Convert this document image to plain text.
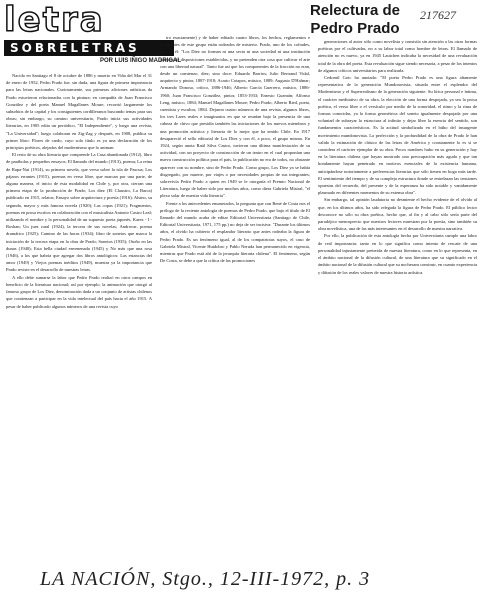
letra
SOBRELETRAS
POR LUIS IÑIGO MADRIGAL
Relectura de
Pedro Prado
217627

Nacido en Santiago el 8 de octubre de 1886 y muerto en Viña del Mar el 31 de enero de 1952, Pedro Prado fue, sin duda, una figura de primera importancia para las letras nacionales. Curiosamente, sus primeras aficiones artísticas da Prado estuvieron relacionadas con la pintura; en compañía de Juan Francisco González y del poeta Manuel Magallanes Moure, recorrió largamente los suburbios de la capital y los consiguientes cordilleranos buscando temas para sus obras; sin embargo, su camino universitario, Prado inicia sus actividades literarias, en 1905 edita un periódico, "El Independiente", y luego una revista, "La Universidad"; luego colaboran en Zig-Zag y después, en 1908, publica su primer libro: Flores de cardo, cuyo solo título es ya una declaración de los principios poéticos, alejados del modernismo que lo animan.

El resto de su obra literaria que comprende La Casa abandonada (1912), libro de parábolas y pequeños ensayos; El llamado del mundo (1913), poema; La reina de Rapa-Nui (1914), su primera novela, que versa sobre la isla de Pascua; Los pájaros errantes (1915), poemas en verso libre, que marcan por una parte, de alguna manera, el inicio de esta modalidad en Chile y, por otra, cierran una primera etapa de la producción de Prado; Los diez (El Claustro, La Barca) publicado en 1915, relatos; Ensayo sobre arquitectura y poesía (1916); Alsino, su segunda, mayor y más famosa novela (1920); Las copas (1921); Fragmentos, poemas en prosa escritos en colaboración con el musicalista Antonio Castro Leal; utilizando el nombre y la personalidad de un supuesto poeta japonés, Karez - I - Roshan; Un juez rural (1924), la tercera de sus novelas; Androvar, poema dramático (1925); Camino de las horas (1934); libro de sonetos que marca la iniciación de la tercera etapa en la obra de Prado; Sonetos (1935); Otoño en las dunas (1940); Esta bella ciudad envenenada (1945) y No más que una rosa (1946), a los que habría que agregar dos libros antológicos: Las estancias del amor (1949) y Viejos poemas inéditos (1949), muestra ya la importancia que Prado reviste en el desarrollo de nuestras letras.

A ello debe sumarse la labor que Pedro Prado realizó en otros campos en beneficio de la literatura nacional; así por ejemplo, la animación que otorgó al famoso grupo de Los Diez, denominación dada a un conjunto de artistas chilenos que comienzan a participar en la vida intelectual del país hacia el año 1915. A pesar de haber publicado algunos números de una revista cuyo

tro exactamente) y de haber editado cuatro libros, los hechos, reglamentos e integrantes de este grupo están rodeados de misterio. Prado, uno de los cofrades, dijo de él: "Los Diez no forman ni una secta ni una sociedad ni una institución carecen de disposiciones establecidas, y no pretenden otra cosa que cultivar el arte con una libertad natural". Tanto fue así que los componentes de la fracción no eran, desde un comienzo, diez; sino doce: Eduardo Barrios; Julio Bertrand Vidal, arquitecto y pintor, 1887-1918; Acario Cotapos, músico, 1889; Augusto D'Halmar; Armando Donoso, crítico, 1886-1946; Alberto García Guerrero, músico, 1886-1960; Juan Francisco González, pintor, 1853-1933; Ernesto Guzmán; Alfonso Leng, músico, 1884; Manuel Magallanes Moure; Pedro Prado; Alberto Ried, poeta, cuentista y escultor, 1884. Dejaron cuatro números de una revista, algunos libros, los tres Lares reales e imaginarios en que se reunían bajo la presencia de una cabeza de chivo que presidía también las iniciaciones de los nuevos miembros y una promoción artística y literaria de lo mejor que ha tenido Chile. En 1917 desapareció el sello editorial de Los Diez y con él, a poco, el grupo mismo. En 1924, según anota Raúl Silva Castro, tuvieron una última manifestación de su actividad, con un proyecto de construcción de un teatro en el cual proponían una nueva construcción política para el país, la publicación no era de todos, no obstante aparecer con su nombre, sino de Pedro Prado. Como grupo, Los Diez ya se había disgregado, por muerte, por viajes o por necesidades propias de sus integrantes; sobrevivía Pedro Prado a quien en 1949 se le otorgaría el Premio Nacional de Literatura, luego de haber sido por muchos años, como diera Gabriela Mistral, "el plexo solar de nuestra vida literaria".

Frente a los antecedentes enumerados, la pregunta que con René de Costa nos el prólogo de la reciente antología de poemas de Pedro Prado, que bajo el título de El llamado del mundo acaba de editar Editorial Universitaria (Santiago de Chile, Editorial Universitaria, 1971, 175 pp.) no deja de ser incisiva: "Durante los últimos años, el olvido ha cubierto el resplandor literario que antes rodeaba la figura de Pedro Prado. Es un fenómeno igual, al de los compatriotas suyos, el caso de Gabriela Mistral, Vicente Huidobro y Pablo Neruda han permanecido en vigencia, mientras que Prado está ahí de la jerarquía literaria chilena". El fenómeno, según De Costa, se debe a que la crítica de las promociones

generaciones al autor sólo como novelista y consistía sin atención a las otras formas poéticas por el cultivadas, no a su labor total como hombre de letras. El llamado de atención no es nuevo, ya en 1945 Lautchen indicaba la necesidad de una revaluación total de la obra del poeta. Esta revaluación sigue siendo necesaria, a pesar de los intentos de algunos críticos universitarios para realizarla.

Cedomil Goic ha anotado: "El poeta Pedro Prado es una figura altamente representativa de la generación Mundonovista, situada entre el esplendor del Modernismo y el Superrealismo de la generación siguiente. Su lírica personal e íntima, el carácter meditativo de su obra, la elección de una forma despojada, ya sea la prosa poética, el verso libre o el versículo por medio de la sonoridad, el ritmo y la rima de formas conocidas, ya la forma geométrica del soneto igualmente despojada por una voluntad de subrayar la estructura al infinito y dejar libre la esencia del sentido, son fundamentos característicos. Es la actitud simbolizada en el búho del insurgente movimiento mundonovista. La perfección y la profundidad de la obra de Prado le han valido la estimación de clásico de las letras de América y constamente lo es si se considera el carácter ejemplar de su obra. Pocos nombres hubo en su generación y hay en la literatura chilena que hayan mostrado una preocupación más aguda y que tan hondamente hayan penetrado en motivos esenciales de la existencia humana, anticipándose notoriamente a preferencias literarias que sólo tienen en boga más tarde. El sentimiento del tiempo y de su compleja estructura donde se entrelazan las tensiones opuestas del recuerdo, del presente y de la esperanza ha sido notable y vanidamente plasmado en diferentes momentos de su extensa obra".

Sin embargo, tal opinión laudatoria no desmiente el hecho evidente de el olvido al que, en los últimos años, ha sido relegada la figura de Pedro Prado. El público lector desconoce no sólo su obra poética, hecho que, al fin y al cabo sólo sería parte del paradójico menosprecio que nuestros lectores muestran por la poesía, sino también su obra novelística, una de las más interesantes en el desarrollo de nuestra narrativa.

Por ello, la publicación de esta antología hecha por Universitaria cumple una labor de real importancia: tanto en lo que significa como intento de rescate de una personalidad injustamente preterida de nuestra literatura, como en lo que representa, en el ámbito nacional de la difusión cultural, de una literatura que su significado en el ámbito nacional de la difusión cultural que su nochesam construir, en cuanto experiencia y difusión de los reales valores de nuestra historia artística.

LA NACIÓN, Stgo., 12-III-1972, p. 3
